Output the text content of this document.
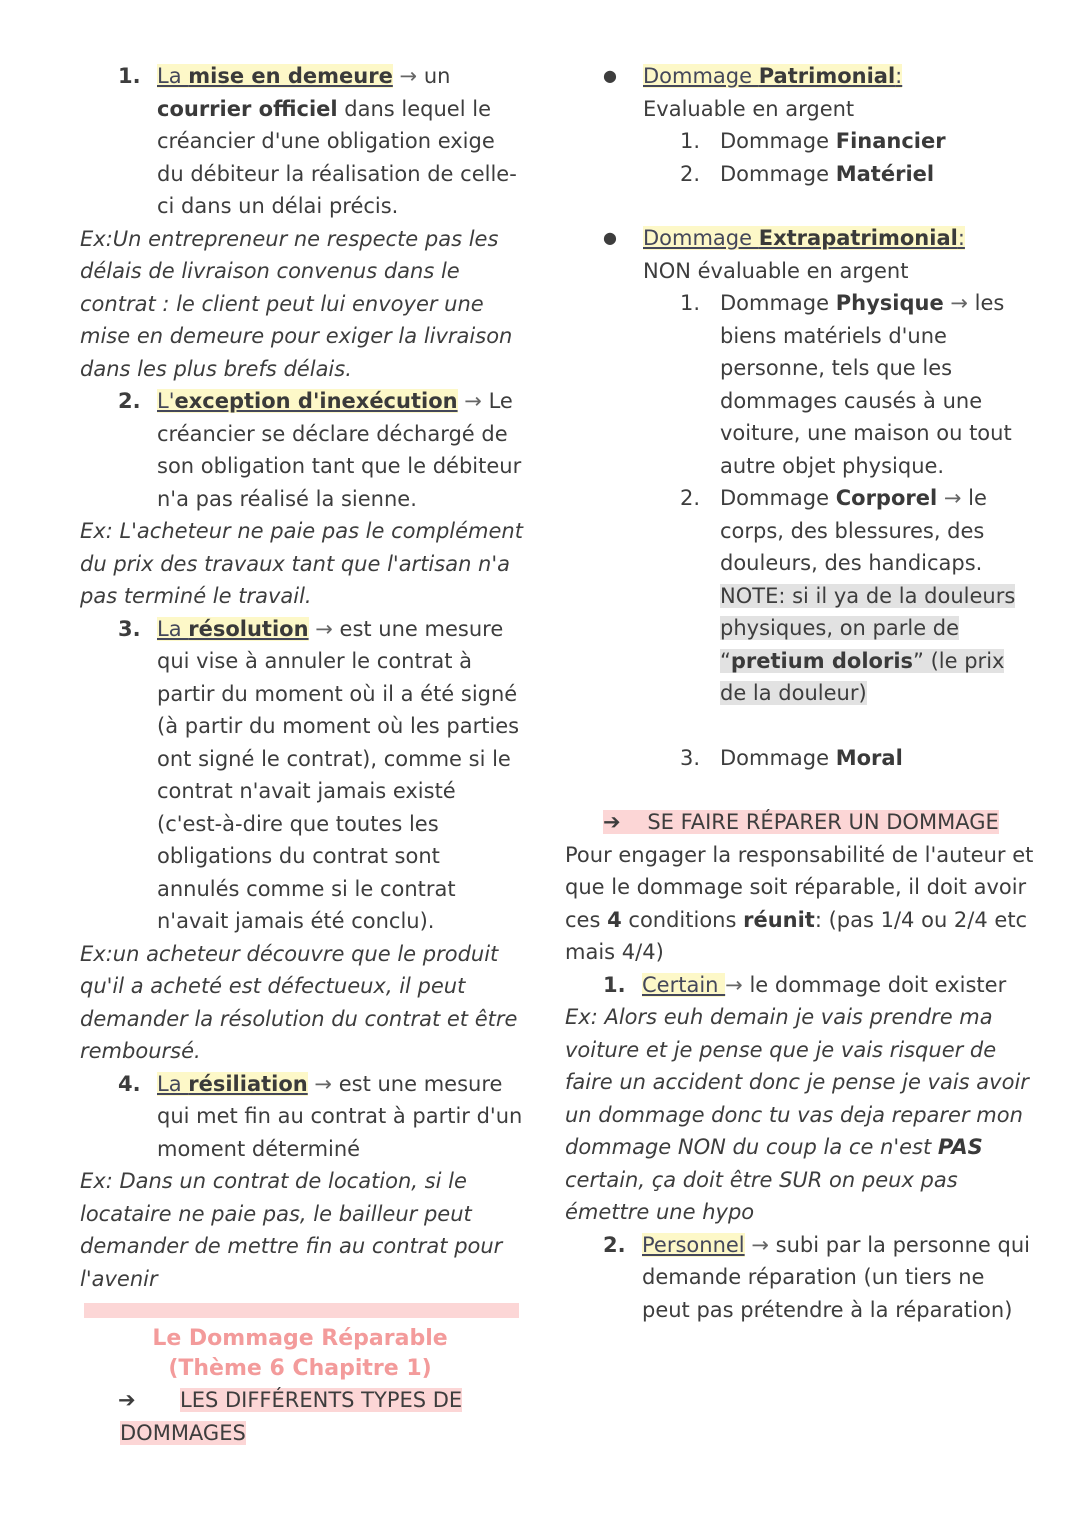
1. La mise en demeure → un courrier officiel dans lequel le créancier d'une obligation exige du débiteur la réalisation de celle- ci dans un délai précis.

Ex:Un entrepreneur ne respecte pas les délais de livraison convenus dans le contrat : le client peut lui envoyer une mise en demeure pour exiger la livraison dans les plus brefs délais.

2. L'exception d'inexécution → Le créancier se déclare déchargé de son obligation tant que le débiteur n'a pas réalisé la sienne.

Ex: L'acheteur ne paie pas le complément du prix des travaux tant que l'artisan n'a pas terminé le travail.

3. La résolution → est une mesure qui vise à annuler le contrat à partir du moment où il a été signé (à partir du moment où les parties ont signé le contrat), comme si le contrat n'avait jamais existé (c'est-à-dire que toutes les obligations du contrat sont annulés comme si le contrat n'avait jamais été conclu).

Ex:un acheteur découvre que le produit qu'il a acheté est défectueux, il peut demander la résolution du contrat et être remboursé.

4. La résiliation → est une mesure qui met fin au contrat à partir d'un moment déterminé

Ex: Dans un contrat de location, si le locataire ne paie pas, le bailleur peut demander de mettre fin au contrat pour l'avenir

Le Dommage Réparable

(Thème 6 Chapitre 1)

➔ LES DIFFÉRENTS TYPES DE DOMMAGES

● Dommage Patrimonial:
Evaluable en argent

1. Dommage Financier

2. Dommage Matériel

● Dommage Extrapatrimonial:
NON évaluable en argent

1. Dommage Physique → les biens matériels d'une personne, tels que les dommages causés à une voiture, une maison ou tout autre objet physique.

2. Dommage Corporel → le corps, des blessures, des douleurs, des handicaps.

NOTE: si il ya de la douleurs physiques, on parle de “pretium doloris” (le prix de la douleur)

3. Dommage Moral

➔ SE FAIRE RÉPARER UN DOMMAGE

Pour engager la responsabilité de l'auteur et que le dommage soit réparable, il doit avoir ces 4 conditions réunit: (pas 1/4 ou 2/4 etc mais 4/4)

1. Certain → le dommage doit exister

Ex: Alors euh demain je vais prendre ma voiture et je pense que je vais risquer de faire un accident donc je pense je vais avoir un dommage donc tu vas deja reparer mon dommage NON du coup la ce n'est PAS certain, ça doit être SUR on peux pas émettre une hypo

2. Personnel → subi par la personne qui demande réparation (un tiers ne peut pas prétendre à la réparation)
